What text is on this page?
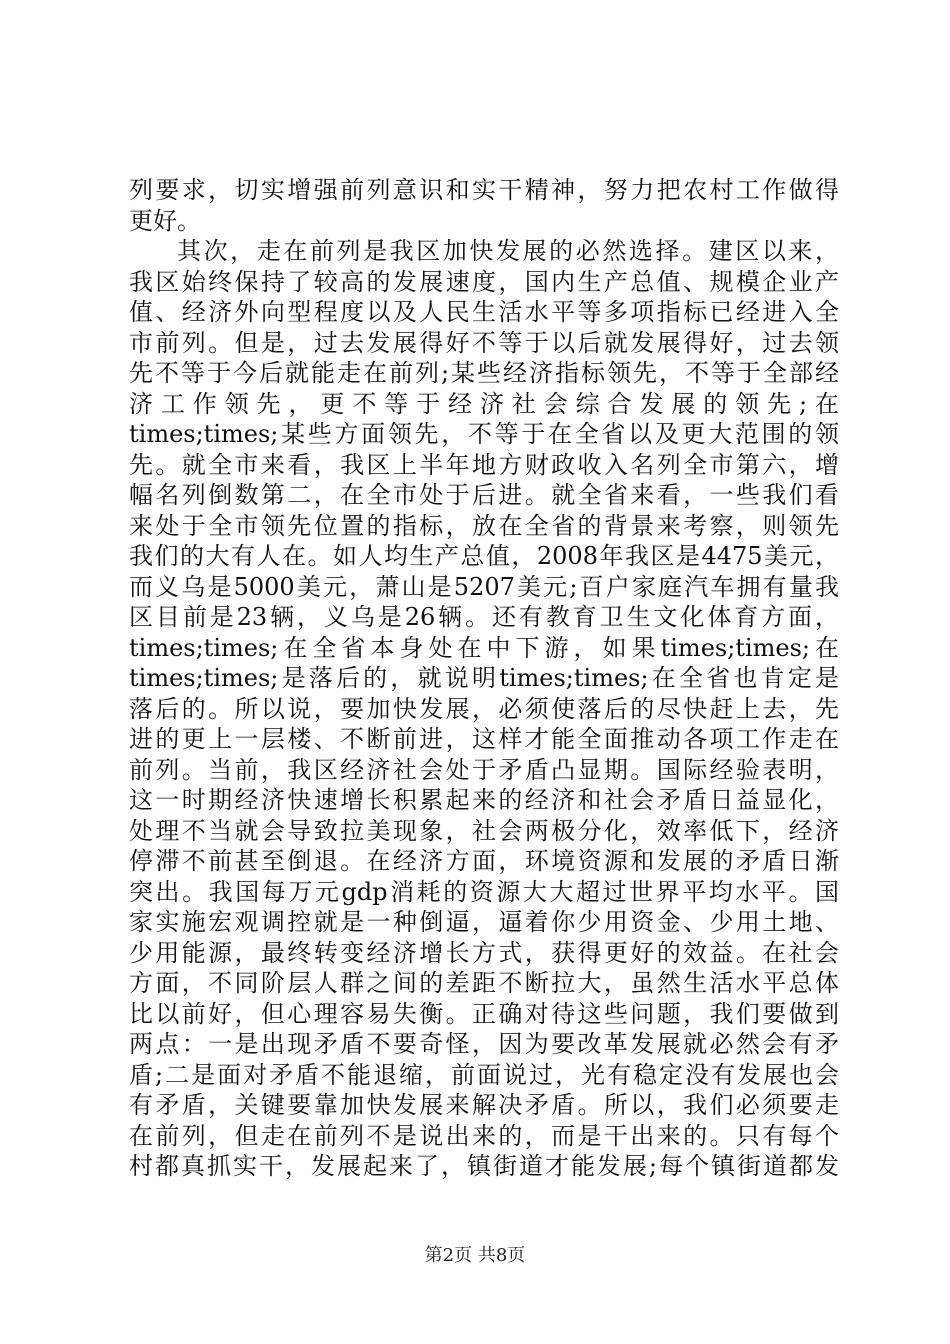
列要求，切实增强前列意识和实干精神，努力把农村工作做得
更好。
其次，走在前列是我区加快发展的必然选择。建区以来，
我区始终保持了较高的发展速度，国内生产总值、规模企业产
值、经济外向型程度以及人民生活水平等多项指标已经进入全
市前列。但是，过去发展得好不等于以后就发展得好，过去领
先不等于今后就能走在前列;某些经济指标领先，不等于全部经
济工作领先，更不等于经济社会综合发展的领先;在
times;times;某些方面领先，不等于在全省以及更大范围的领
先。就全市来看，我区上半年地方财政收入名列全市第六，增
幅名列倒数第二，在全市处于后进。就全省来看，一些我们看
来处于全市领先位置的指标，放在全省的背景来考察，则领先
我们的大有人在。如人均生产总值，2008年我区是4475美元，
而义乌是5000美元，萧山是5207美元;百户家庭汽车拥有量我
区目前是23辆，义乌是26辆。还有教育卫生文化体育方面，
times;times;在全省本身处在中下游，如果times;times;在
times;times;是落后的，就说明times;times;在全省也肯定是
落后的。所以说，要加快发展，必须使落后的尽快赶上去，先
进的更上一层楼、不断前进，这样才能全面推动各项工作走在
前列。当前，我区经济社会处于矛盾凸显期。国际经验表明，
这一时期经济快速增长积累起来的经济和社会矛盾日益显化，
处理不当就会导致拉美现象，社会两极分化，效率低下，经济
停滞不前甚至倒退。在经济方面，环境资源和发展的矛盾日渐
突出。我国每万元gdp消耗的资源大大超过世界平均水平。国
家实施宏观调控就是一种倒逼，逼着你少用资金、少用土地、
少用能源，最终转变经济增长方式，获得更好的效益。在社会
方面，不同阶层人群之间的差距不断拉大，虽然生活水平总体
比以前好，但心理容易失衡。正确对待这些问题，我们要做到
两点：一是出现矛盾不要奇怪，因为要改革发展就必然会有矛
盾;二是面对矛盾不能退缩，前面说过，光有稳定没有发展也会
有矛盾，关键要靠加快发展来解决矛盾。所以，我们必须要走
在前列，但走在前列不是说出来的，而是干出来的。只有每个
村都真抓实干，发展起来了，镇街道才能发展;每个镇街道都发
第2页 共8页
